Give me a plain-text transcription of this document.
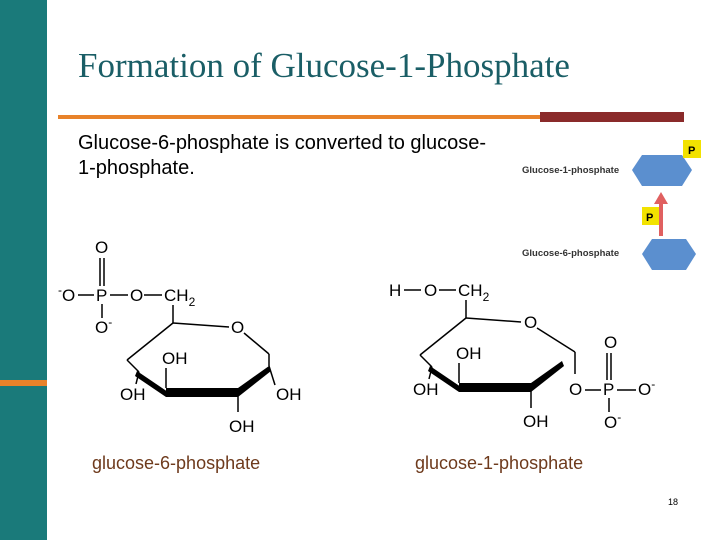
Formation of Glucose-1-Phosphate
Glucose-6-phosphate is converted to glucose-1-phosphate.	Glucose-1-phosphate
Glucose-6-phosphate
P
P
O
-O P O $CH_2$
O-	O
OH
OH	OH
OH
H O $CH_2$
O
OH
OH
OH
O P
O
O-
O-
glucose-6-phosphate	glucose-1-phosphate
18
